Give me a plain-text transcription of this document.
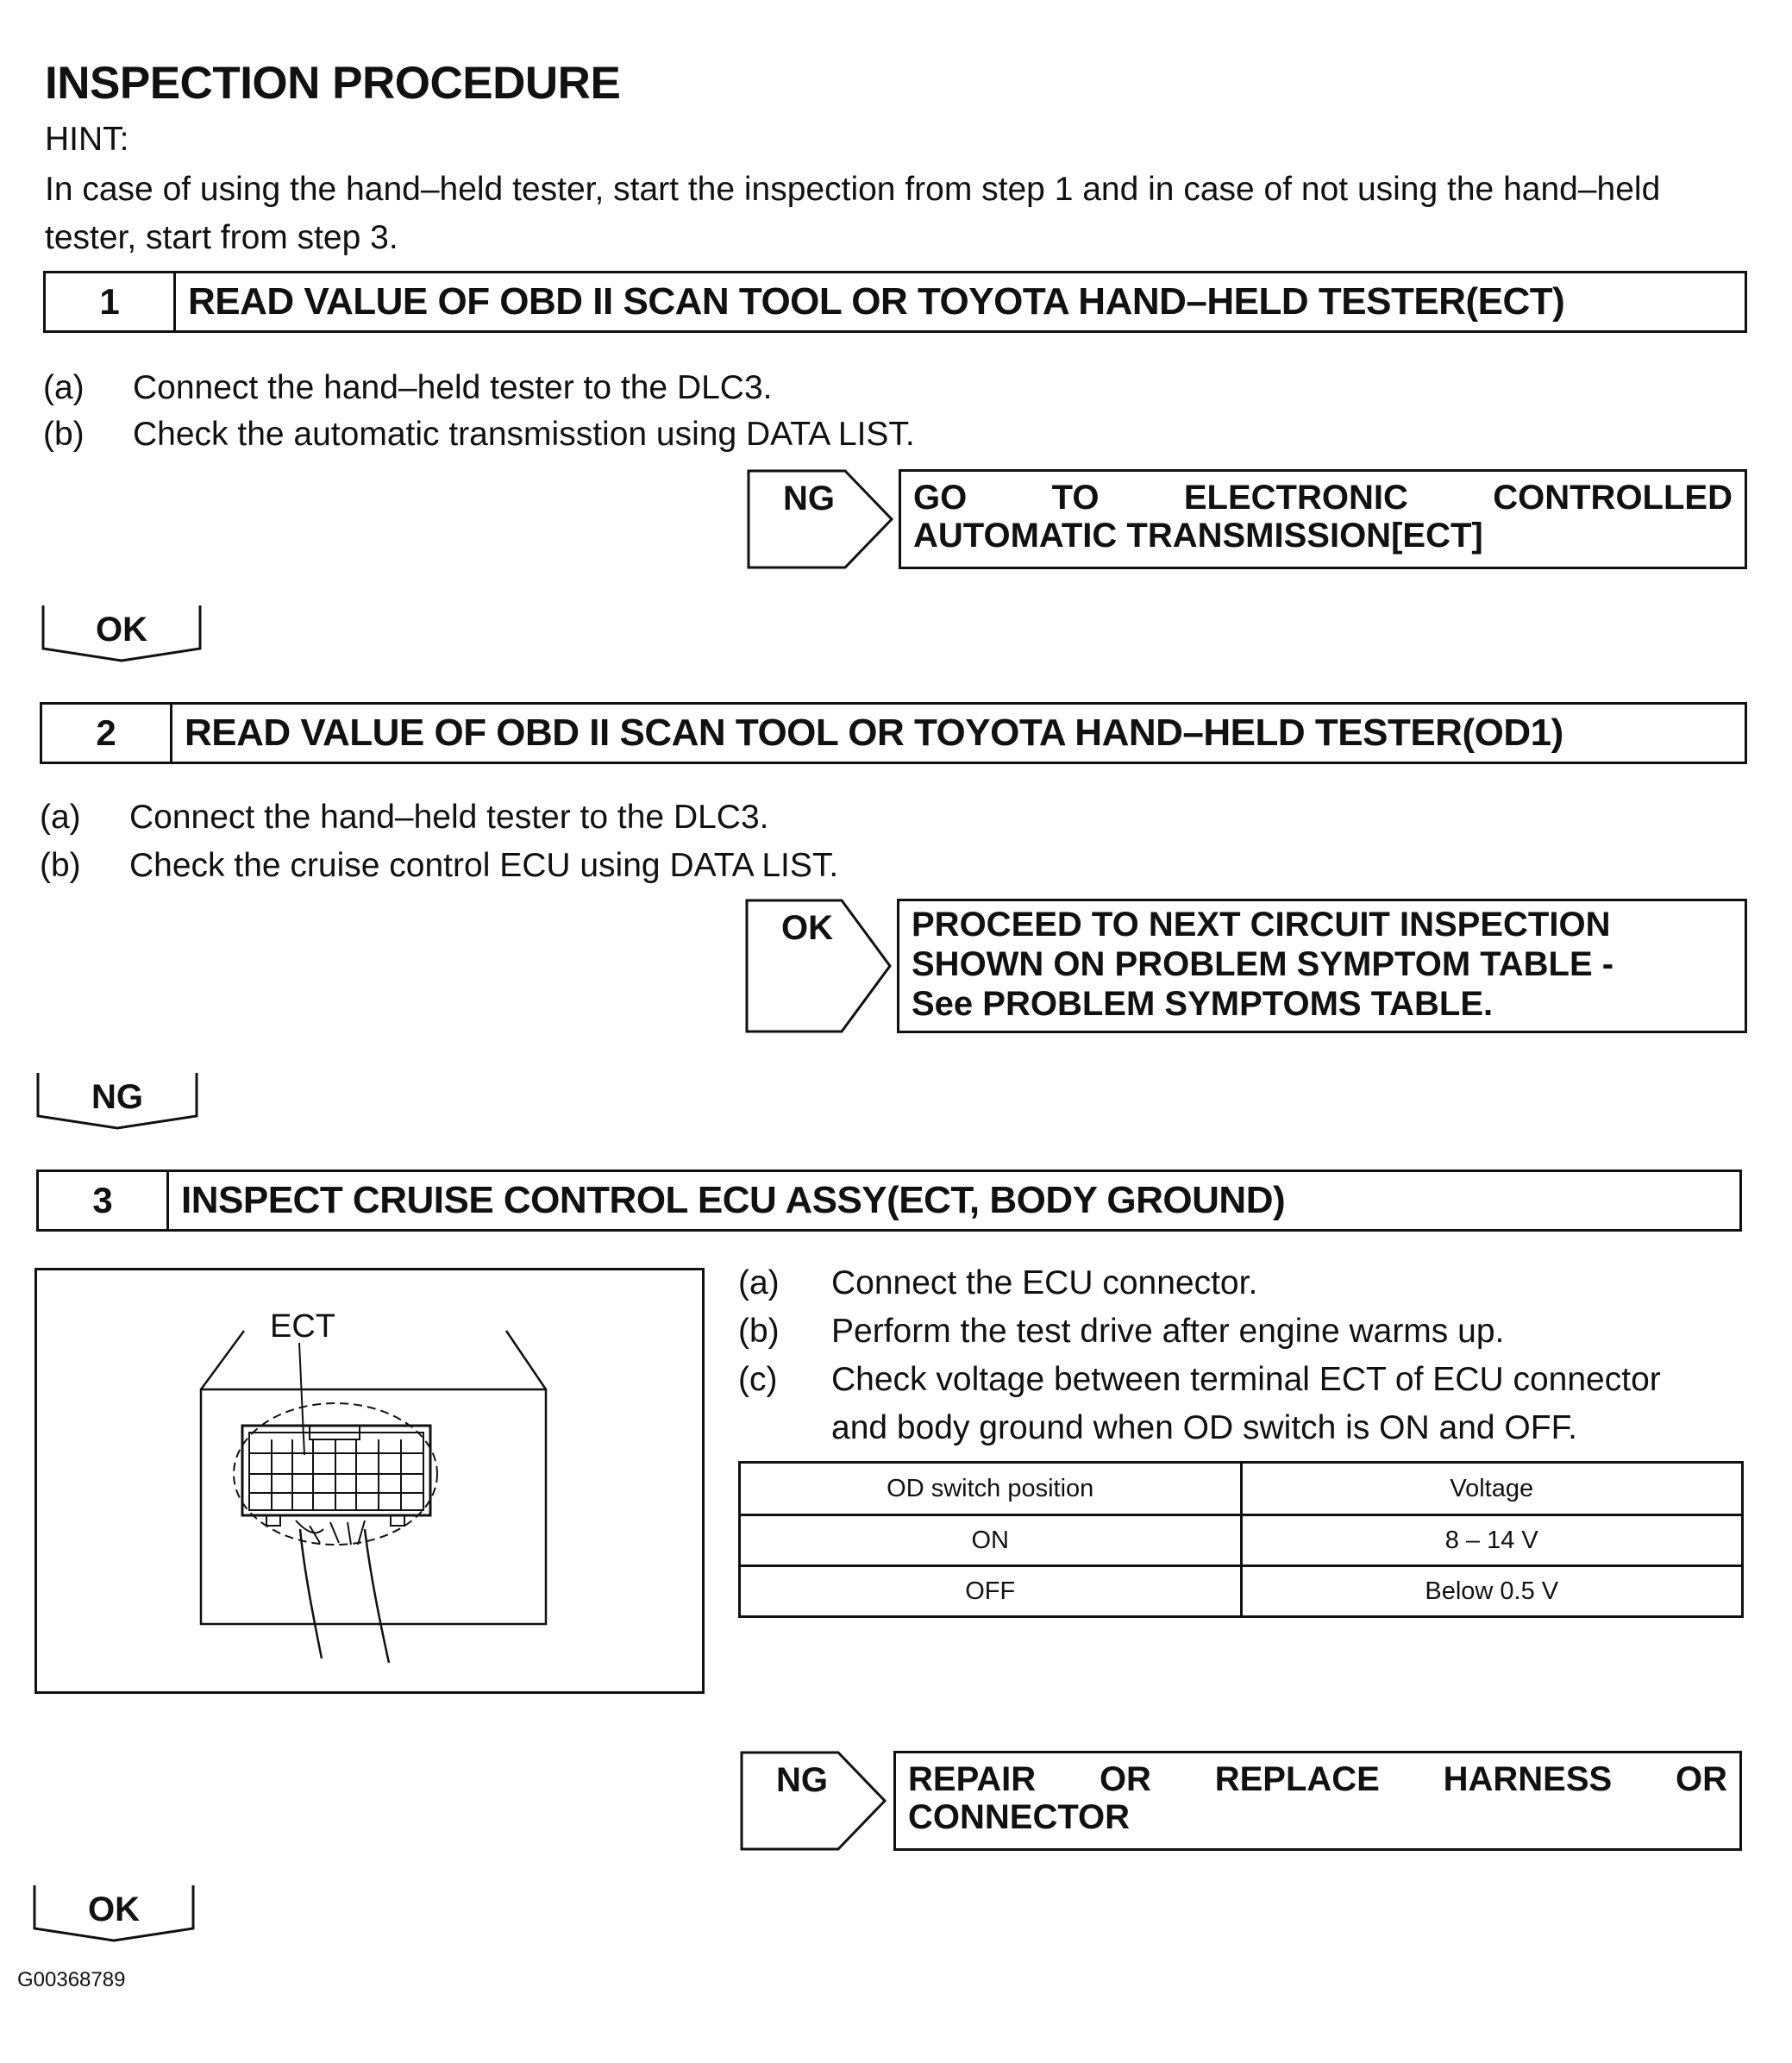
INSPECTION PROCEDURE
HINT:
In case of using the hand–held tester, start the inspection from step 1 and in case of not using the hand–held tester, start from step 3.
1	READ VALUE OF OBD II SCAN TOOL OR TOYOTA HAND–HELD TESTER(ECT)
(a) Connect the hand–held tester to the DLC3.
(b) Check the automatic transmisstion using DATA LIST.
NG GO TO ELECTRONIC CONTROLLED
AUTOMATIC TRANSMISSION[ECT]
OK
2	READ VALUE OF OBD II SCAN TOOL OR TOYOTA HAND–HELD TESTER(OD1)
(a) Connect the hand–held tester to the DLC3.
(b) Check the cruise control ECU using DATA LIST.
OK PROCEED TO NEXT CIRCUIT INSPECTION
SHOWN ON PROBLEM SYMPTOM TABLE -
See PROBLEM SYMPTOMS TABLE.
NG
3	INSPECT CRUISE CONTROL ECU ASSY(ECT, BODY GROUND)
ECT
(a) Connect the ECU connector.
(b) Perform the test drive after engine warms up.
(c) Check voltage between terminal ECT of ECU connector
and body ground when OD switch is ON and OFF.
OD switch position	Voltage
ON	8 – 14 V
OFF	Below 0.5 V
NG REPAIR OR REPLACE HARNESS OR
CONNECTOR
OK
G00368789
